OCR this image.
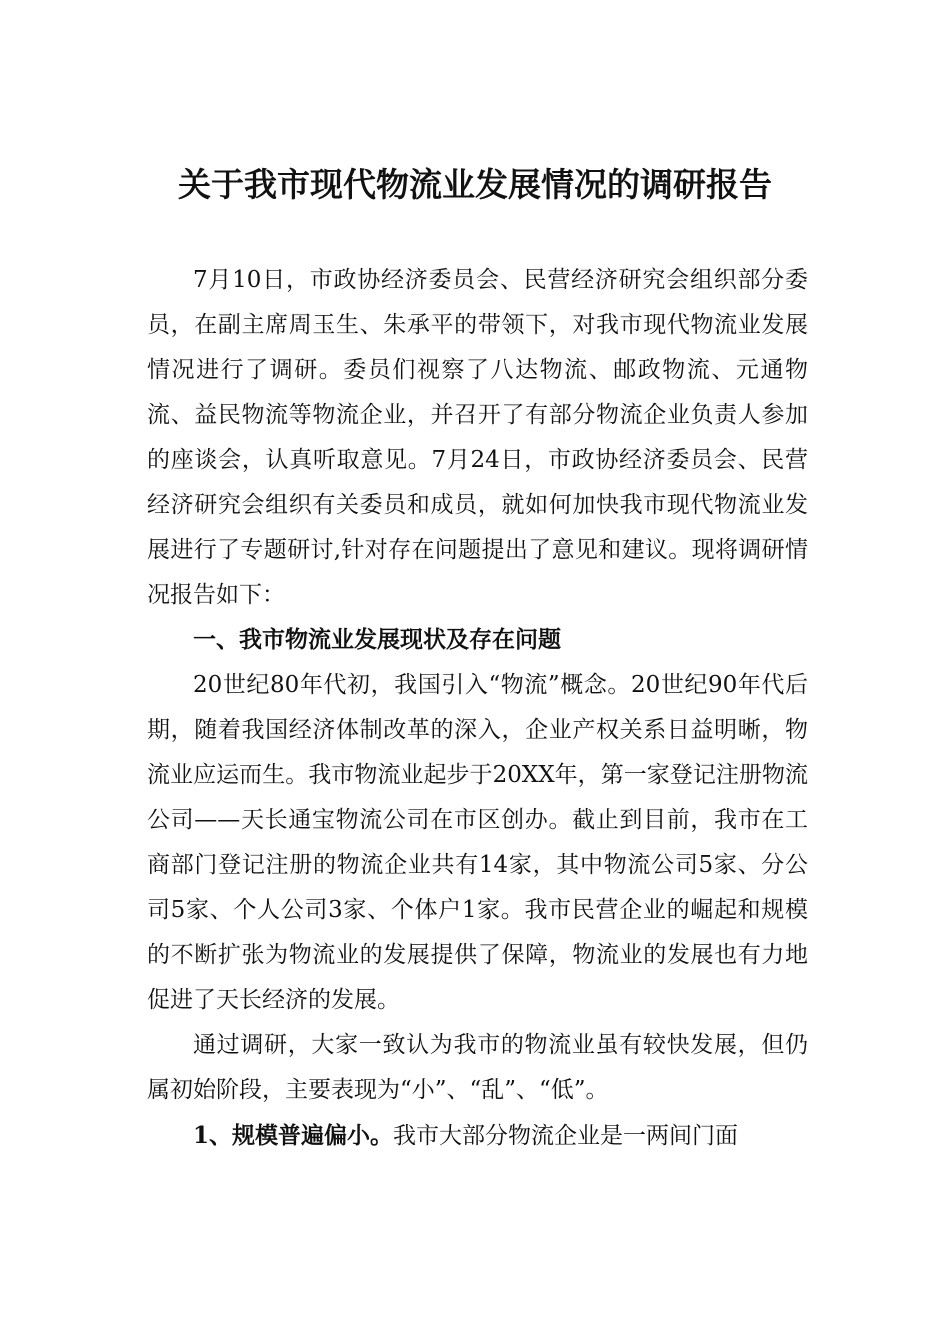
关于我市现代物流业发展情况的调研报告

7月10日，市政协经济委员会、民营经济研究会组织部分委员，在副主席周玉生、朱承平的带领下，对我市现代物流业发展情况进行了调研。委员们视察了八达物流、邮政物流、元通物流、益民物流等物流企业，并召开了有部分物流企业负责人参加的座谈会，认真听取意见。7月24日，市政协经济委员会、民营经济研究会组织有关委员和成员，就如何加快我市现代物流业发展进行了专题研讨,针对存在问题提出了意见和建议。现将调研情况报告如下：

一、我市物流业发展现状及存在问题

20世纪80年代初，我国引入“物流”概念。20世纪90年代后期，随着我国经济体制改革的深入，企业产权关系日益明晰，物流业应运而生。我市物流业起步于20XX年，第一家登记注册物流公司——天长通宝物流公司在市区创办。截止到目前，我市在工商部门登记注册的物流企业共有14家，其中物流公司5家、分公司5家、个人公司3家、个体户1家。我市民营企业的崛起和规模的不断扩张为物流业的发展提供了保障，物流业的发展也有力地促进了天长经济的发展。

通过调研，大家一致认为我市的物流业虽有较快发展，但仍属初始阶段，主要表现为“小”、“乱”、“低”。

1、规模普遍偏小。我市大部分物流企业是一两间门面
